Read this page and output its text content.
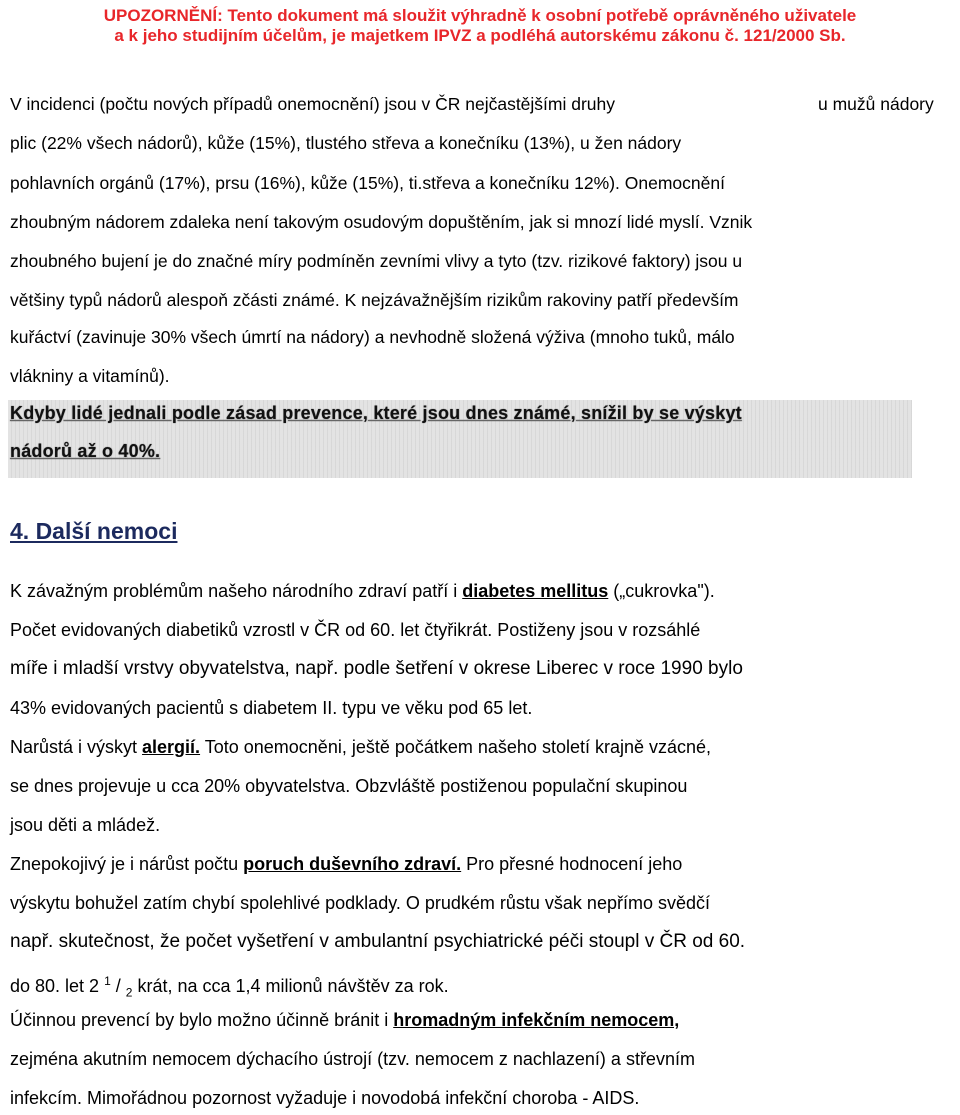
UPOZORNĚNÍ: Tento dokument má sloužit výhradně k osobní potřebě oprávněného uživatele
a k jeho studijním účelům, je majetkem IPVZ a podléhá autorskému zákonu č. 121/2000 Sb.
V incidenci (počtu nových případů onemocnění) jsou v ČR nejčastějšími druhy	u mužů nádory
plic (22% všech nádorů), kůže (15%), tlustého střeva a konečníku (13%), u žen nádory
pohlavních orgánů (17%), prsu (16%), kůže (15%), ti.střeva a konečníku 12%). Onemocnění
zhoubným nádorem zdaleka není takovým osudovým dopuštěním, jak si mnozí lidé myslí. Vznik
zhoubného bujení je do značné míry podmíněn zevními vlivy a tyto (tzv. rizikové faktory) jsou u
většiny typů nádorů alespoň zčásti známé. K nejzávažnějším rizikům rakoviny patří především
kuřáctví (zavinuje 30% všech úmrtí na nádory) a nevhodně složená výživa (mnoho tuků, málo
vlákniny a vitamínů).
Kdyby lidé jednali podle zásad prevence, které jsou dnes známé, snížil by se výskyt
nádorů až o 40%.
4. Další nemoci
K závažným problémům našeho národního zdraví patří i diabetes mellitus („cukrovka").
Počet evidovaných diabetiků vzrostl v ČR od 60. let čtyřikrát. Postiženy jsou v rozsáhlé
míře i mladší vrstvy obyvatelstva, např. podle šetření v okrese Liberec v roce 1990 bylo
43% evidovaných pacientů s diabetem II. typu ve věku pod 65 let.
Narůstá i výskyt alergií. Toto onemocněni, ještě počátkem našeho století krajně vzácné,
se dnes projevuje u cca 20% obyvatelstva. Obzvláště postiženou populační skupinou
jsou děti a mládež.
Znepokojivý je i nárůst počtu poruch duševního zdraví. Pro přesné hodnocení jeho
výskytu bohužel zatím chybí spolehlivé podklady. O prudkém růstu však nepřímo svědčí
např. skutečnost, že počet vyšetření v ambulantní psychiatrické péči stoupl v ČR od 60.
do 80. let 2 $^1$ / $_2$ krát, na cca 1,4 milionů návštěv za rok.
Účinnou prevencí by bylo možno účinně bránit i hromadným infekčním nemocem,
zejména akutním nemocem dýchacího ústrojí (tzv. nemocem z nachlazení) a střevním
infekcím. Mimořádnou pozornost vyžaduje i novodobá infekční choroba - AIDS.
